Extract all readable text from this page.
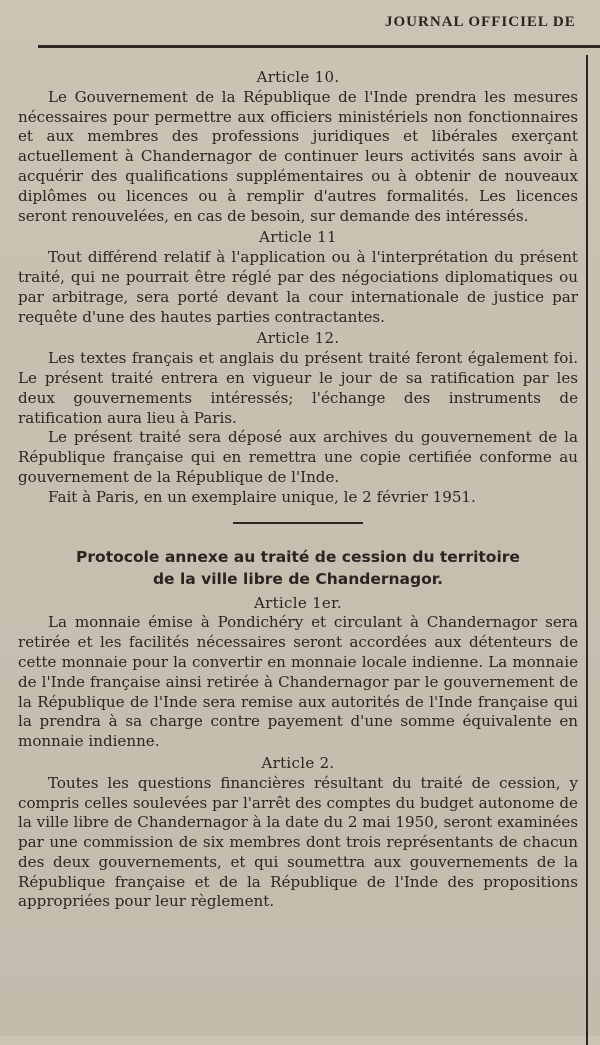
JOURNAL OFFICIEL DE
Article 10.

Le Gouvernement de la République de l'Inde prendra les mesures nécessaires pour permettre aux officiers ministériels non fonctionnaires et aux membres des professions juridiques et libérales exerçant actuellement à Chandernagor de continuer leurs activités sans avoir à acquérir des qualifications supplémentaires ou à obtenir de nouveaux diplômes ou licences ou à remplir d'autres formalités. Les licences seront renouvelées, en cas de besoin, sur demande des intéressés.

Article 11

Tout différend relatif à l'application ou à l'interprétation du présent traité, qui ne pourrait être réglé par des négociations diplomatiques ou par arbitrage, sera porté devant la cour internationale de justice par requête d'une des hautes parties contractantes.

Article 12.

Les textes français et anglais du présent traité feront également foi. Le présent traité entrera en vigueur le jour de sa ratification par les deux gouvernements intéressés; l'échange des instruments de ratification aura lieu à Paris.

Le présent traité sera déposé aux archives du gouvernement de la République française qui en remettra une copie certifiée conforme au gouvernement de la République de l'Inde.

Fait à Paris, en un exemplaire unique, le 2 février 1951.

Protocole annexe au traité de cession du territoire
de la ville libre de Chandernagor.
Article 1er.

La monnaie émise à Pondichéry et circulant à Chandernagor sera retirée et les facilités nécessaires seront accordées aux détenteurs de cette monnaie pour la convertir en monnaie locale indienne. La monnaie de l'Inde française ainsi retirée à Chandernagor par le gouvernement de la République de l'Inde sera remise aux autorités de l'Inde française qui la prendra à sa charge contre payement d'une somme équivalente en monnaie indienne.

Article 2.

Toutes les questions financières résultant du traité de cession, y compris celles soulevées par l'arrêt des comptes du budget autonome de la ville libre de Chandernagor à la date du 2 mai 1950, seront examinées par une commission de six membres dont trois représentants de chacun des deux gouvernements, et qui soumettra aux gouvernements de la République française et de la République de l'Inde des propositions appropriées pour leur règlement.
